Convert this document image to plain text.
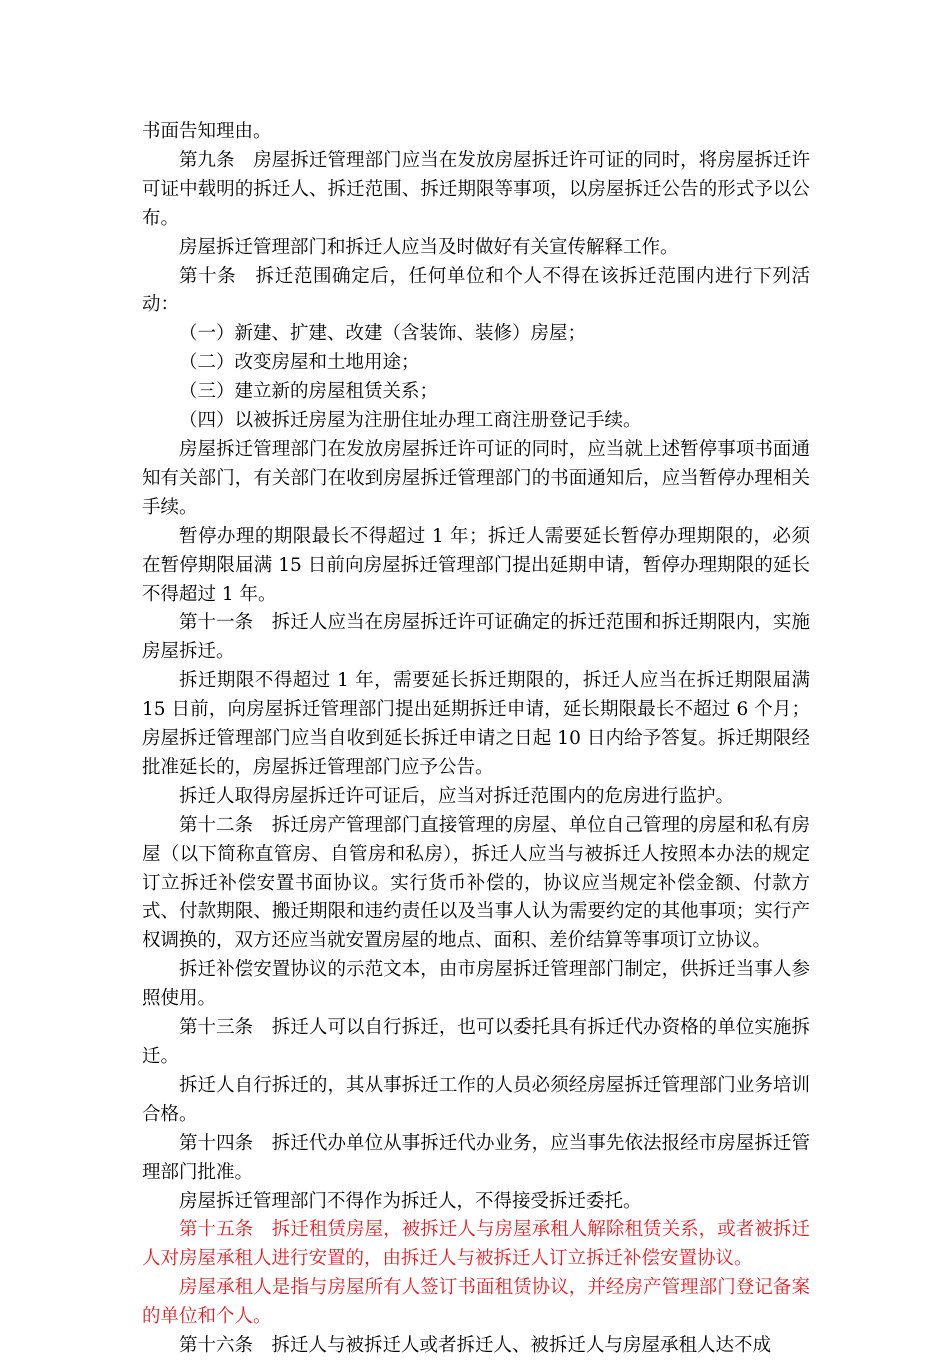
书面告知理由。

第九条　房屋拆迁管理部门应当在发放房屋拆迁许可证的同时，将房屋拆迁许可证中载明的拆迁人、拆迁范围、拆迁期限等事项，以房屋拆迁公告的形式予以公布。

房屋拆迁管理部门和拆迁人应当及时做好有关宣传解释工作。

第十条　拆迁范围确定后，任何单位和个人不得在该拆迁范围内进行下列活动：

（一）新建、扩建、改建（含装饰、装修）房屋；

（二）改变房屋和土地用途；

（三）建立新的房屋租赁关系；

（四）以被拆迁房屋为注册住址办理工商注册登记手续。

房屋拆迁管理部门在发放房屋拆迁许可证的同时，应当就上述暂停事项书面通知有关部门，有关部门在收到房屋拆迁管理部门的书面通知后，应当暂停办理相关手续。

暂停办理的期限最长不得超过 1 年；拆迁人需要延长暂停办理期限的，必须在暂停期限届满 15 日前向房屋拆迁管理部门提出延期申请，暂停办理期限的延长不得超过 1 年。

第十一条　拆迁人应当在房屋拆迁许可证确定的拆迁范围和拆迁期限内，实施房屋拆迁。

拆迁期限不得超过 1 年，需要延长拆迁期限的，拆迁人应当在拆迁期限届满 15 日前，向房屋拆迁管理部门提出延期拆迁申请，延长期限最长不超过 6 个月；房屋拆迁管理部门应当自收到延长拆迁申请之日起 10 日内给予答复。拆迁期限经批准延长的，房屋拆迁管理部门应予公告。

拆迁人取得房屋拆迁许可证后，应当对拆迁范围内的危房进行监护。

第十二条　拆迁房产管理部门直接管理的房屋、单位自己管理的房屋和私有房屋（以下简称直管房、自管房和私房），拆迁人应当与被拆迁人按照本办法的规定订立拆迁补偿安置书面协议。实行货币补偿的，协议应当规定补偿金额、付款方式、付款期限、搬迁期限和违约责任以及当事人认为需要约定的其他事项；实行产权调换的，双方还应当就安置房屋的地点、面积、差价结算等事项订立协议。

拆迁补偿安置协议的示范文本，由市房屋拆迁管理部门制定，供拆迁当事人参照使用。

第十三条　拆迁人可以自行拆迁，也可以委托具有拆迁代办资格的单位实施拆迁。

拆迁人自行拆迁的，其从事拆迁工作的人员必须经房屋拆迁管理部门业务培训合格。

第十四条　拆迁代办单位从事拆迁代办业务，应当事先依法报经市房屋拆迁管理部门批准。

房屋拆迁管理部门不得作为拆迁人，不得接受拆迁委托。

第十五条　拆迁租赁房屋，被拆迁人与房屋承租人解除租赁关系，或者被拆迁人对房屋承租人进行安置的，由拆迁人与被拆迁人订立拆迁补偿安置协议。

房屋承租人是指与房屋所有人签订书面租赁协议，并经房产管理部门登记备案的单位和个人。

第十六条　拆迁人与被拆迁人或者拆迁人、被拆迁人与房屋承租人达不成
